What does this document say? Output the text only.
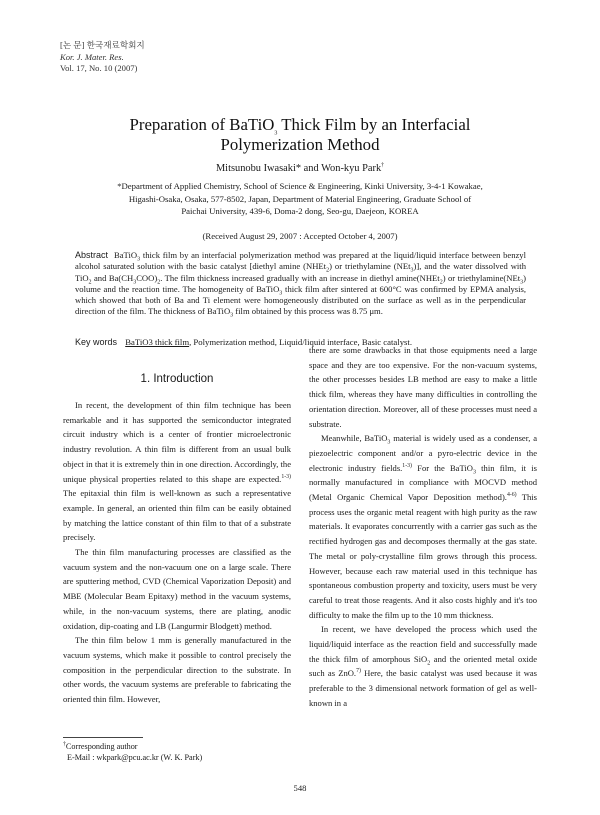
[논 문] 한국재료학회지
Kor. J. Mater. Res.
Vol. 17, No. 10 (2007)
Preparation of BaTiO$_3$ Thick Film by an Interfacial
Polymerization Method
Mitsunobu Iwasaki* and Won-kyu Park†
*Department of Applied Chemistry, School of Science & Engineering, Kinki University, 3-4-1 Kowakae,
Higashi-Osaka, Osaka, 577-8502, Japan, Department of Material Engineering, Graduate School of
Paichai University, 439-6, Doma-2 dong, Seo-gu, Daejeon, KOREA
(Received August 29, 2007 : Accepted October 4, 2007)
Abstract BaTiO$_3$ thick film by an interfacial polymerization method was prepared at the liquid/liquid interface between benzyl alcohol saturated solution with the basic catalyst [diethyl amine (NHEt$_2$) or triethylamine (NEt$_3$)], and the water dissolved with TiO$_2$ and $Ba(CH_3COO)_2$. The film thickness increased gradually with an increase in diethyl amine(NHEt$_2$) or triethylamine(NEt$_3$) volume and the reaction time. The homogeneity of BaTiO$_3$ thick film after sintered at 600°C was confirmed by EPMA analysis, which showed that both of Ba and Ti element were homogeneously distributed on the surface as well as in the perpendicular direction of the film. The thickness of BaTiO$_3$ film obtained by this process was 8.75 μm.
Key words BaTiO3 thick film, Polymerization method, Liquid/liquid interface, Basic catalyst.
1. Introduction

In recent, the development of thin film technique has been remarkable and it has supported the semiconductor integrated circuit industry which is a center of frontier microelectronic industry revolution. A thin film is different from an usual bulk object in that it is extremely thin in one direction. Accordingly, the unique physical properties related to this shape are expected.$^{1-3)}$ The epitaxial thin film is well-known as such a representative example. In general, an oriented thin film can be easily obtained by matching the lattice constant of thin film to that of a substrate precisely.

The thin film manufacturing processes are classified as the vacuum system and the non-vacuum one on a large scale. There are sputtering method, CVD (Chemical Vaporization Deposit) and MBE (Molecular Beam Epitaxy) method in the vacuum systems, while, in the non-vacuum systems, there are plating, anodic oxidation, dip-coating and LB (Langurmir Blodgett) method.

The thin film below 1 mm is generally manufactured in the vacuum systems, which make it possible to control precisely the composition in the perpendicular direction to the substrate. In other words, the vacuum systems are preferable to fabricating the oriented thin film. However,

there are some drawbacks in that those equipments need a large space and they are too expensive. For the non-vacuum systems, the other processes besides LB method are easy to make a little thick film, whereas they have many difficulties in controlling the orientation direction. Moreover, all of these processes must need a substrate.

Meanwhile, BaTiO$_3$ material is widely used as a condenser, a piezoelectric component and/or a pyro-electric device in the electronic industry fields.$^{1-3)}$ For the BaTiO$_3$ thin film, it is normally manufactured in compliance with MOCVD method (Metal Organic Chemical Vapor Deposition method).$^{4-6)}$ This process uses the organic metal reagent with high purity as the raw materials. It evaporates concurrently with a carrier gas such as the rectified hydrogen gas and decomposes thermally at the gas state. The metal or poly-crystalline film grows through this process. However, because each raw material used in this technique has spontaneous combustion property and toxicity, users must be very careful to treat those reagents. And it also costs highly and it's too difficulty to make the film up to the 10 mm thickness.

In recent, we have developed the process which used the liquid/liquid interface as the reaction field and successfully made the thick film of amorphous SiO$_2$ and the oriented metal oxide such as ZnO.$^{7)}$ Here, the basic catalyst was used because it was preferable to the 3 dimensional network formation of gel as well-known in a

†Corresponding author
E-Mail : wkpark@pcu.ac.kr (W. K. Park)
548
